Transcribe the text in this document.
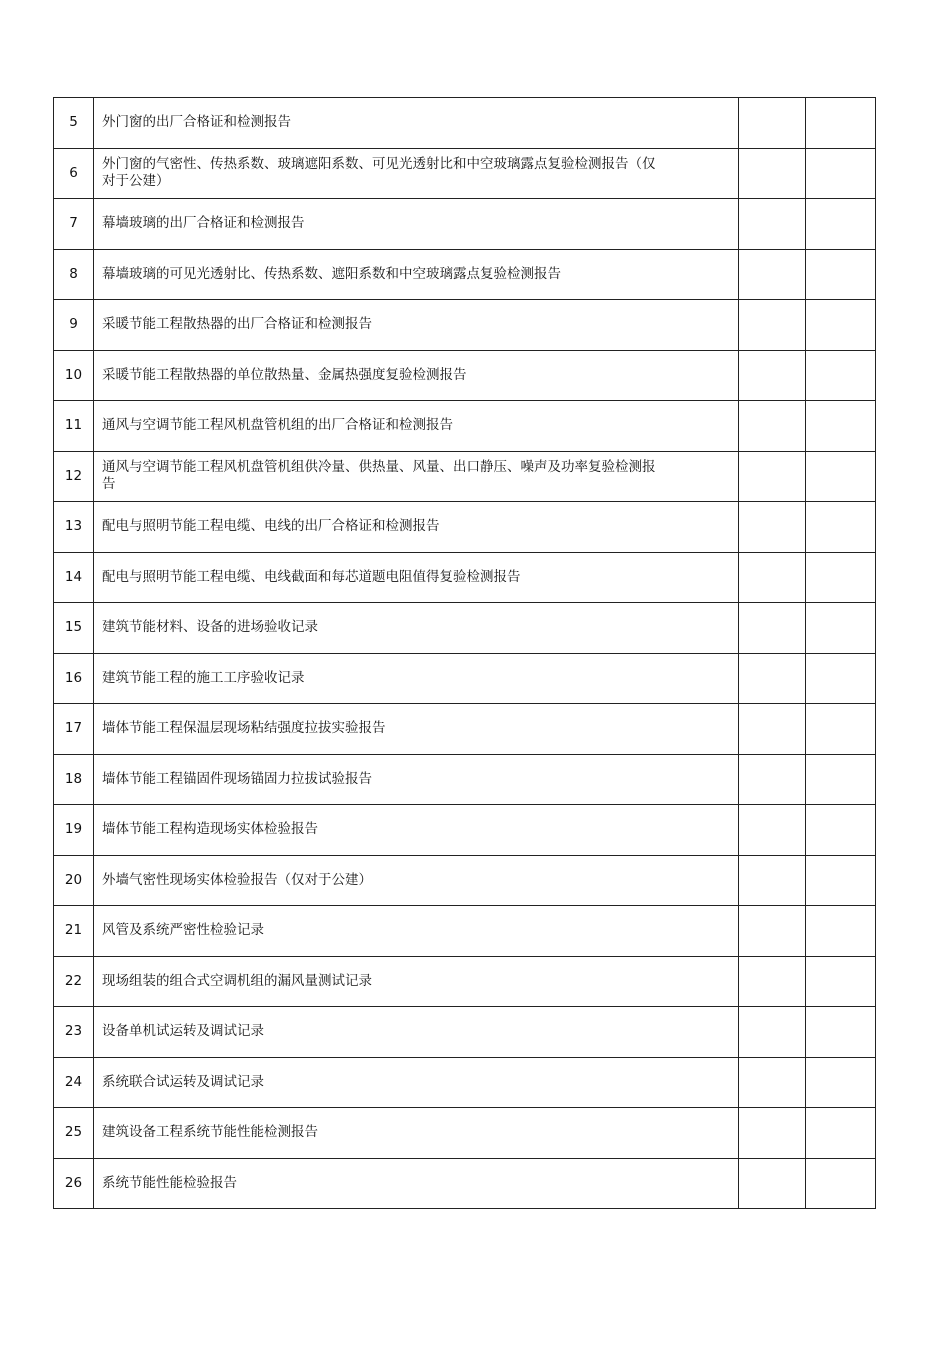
5	外门窗的出厂合格证和检测报告		
6	外门窗的气密性、传热系数、玻璃遮阳系数、可见光透射比和中空玻璃露点复验检测报告（仅对于公建）		
7	幕墙玻璃的出厂合格证和检测报告		
8	幕墙玻璃的可见光透射比、传热系数、遮阳系数和中空玻璃露点复验检测报告		
9	采暖节能工程散热器的出厂合格证和检测报告		
10	采暖节能工程散热器的单位散热量、金属热强度复验检测报告		
11	通风与空调节能工程风机盘管机组的出厂合格证和检测报告		
12	通风与空调节能工程风机盘管机组供冷量、供热量、风量、出口静压、噪声及功率复验检测报告		
13	配电与照明节能工程电缆、电线的出厂合格证和检测报告		
14	配电与照明节能工程电缆、电线截面和每芯道题电阻值得复验检测报告		
15	建筑节能材料、设备的进场验收记录		
16	建筑节能工程的施工工序验收记录		
17	墙体节能工程保温层现场粘结强度拉拔实验报告		
18	墙体节能工程锚固件现场锚固力拉拔试验报告		
19	墙体节能工程构造现场实体检验报告		
20	外墙气密性现场实体检验报告（仅对于公建）		
21	风管及系统严密性检验记录		
22	现场组装的组合式空调机组的漏风量测试记录		
23	设备单机试运转及调试记录		
24	系统联合试运转及调试记录		
25	建筑设备工程系统节能性能检测报告		
26	系统节能性能检验报告		
